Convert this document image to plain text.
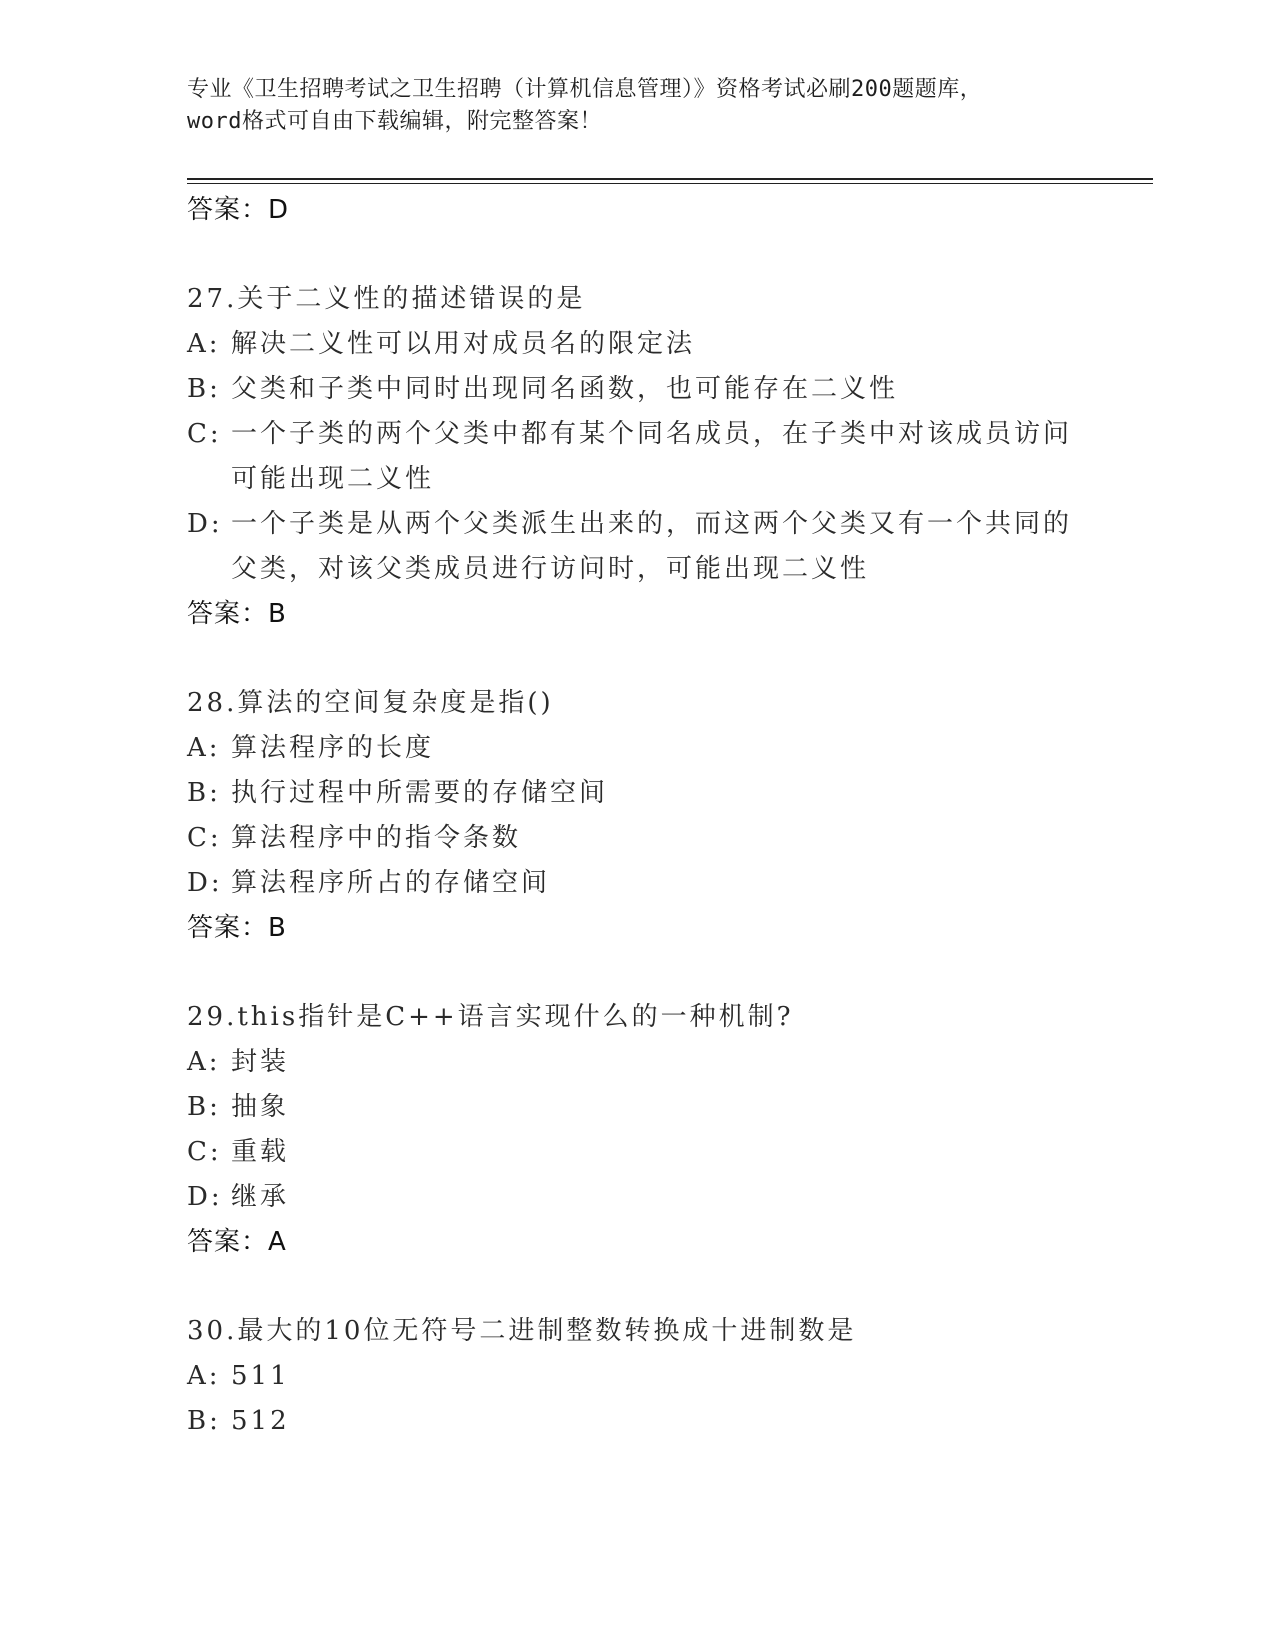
专业《卫生招聘考试之卫生招聘（计算机信息管理）》资格考试必刷200题题库，
word格式可自由下载编辑，附完整答案！
答案：D
27.关于二义性的描述错误的是
A: 解决二义性可以用对成员名的限定法
B: 父类和子类中同时出现同名函数，也可能存在二义性
C: 一个子类的两个父类中都有某个同名成员，在子类中对该成员访问可能出现二义性
D: 一个子类是从两个父类派生出来的，而这两个父类又有一个共同的父类，对该父类成员进行访问时，可能出现二义性
答案：B
28.算法的空间复杂度是指()
A: 算法程序的长度
B: 执行过程中所需要的存储空间
C: 算法程序中的指令条数
D: 算法程序所占的存储空间
答案：B
29.this指针是C++语言实现什么的一种机制?
A: 封装
B: 抽象
C: 重载
D: 继承
答案：A
30.最大的10位无符号二进制整数转换成十进制数是
A: 511
B: 512
